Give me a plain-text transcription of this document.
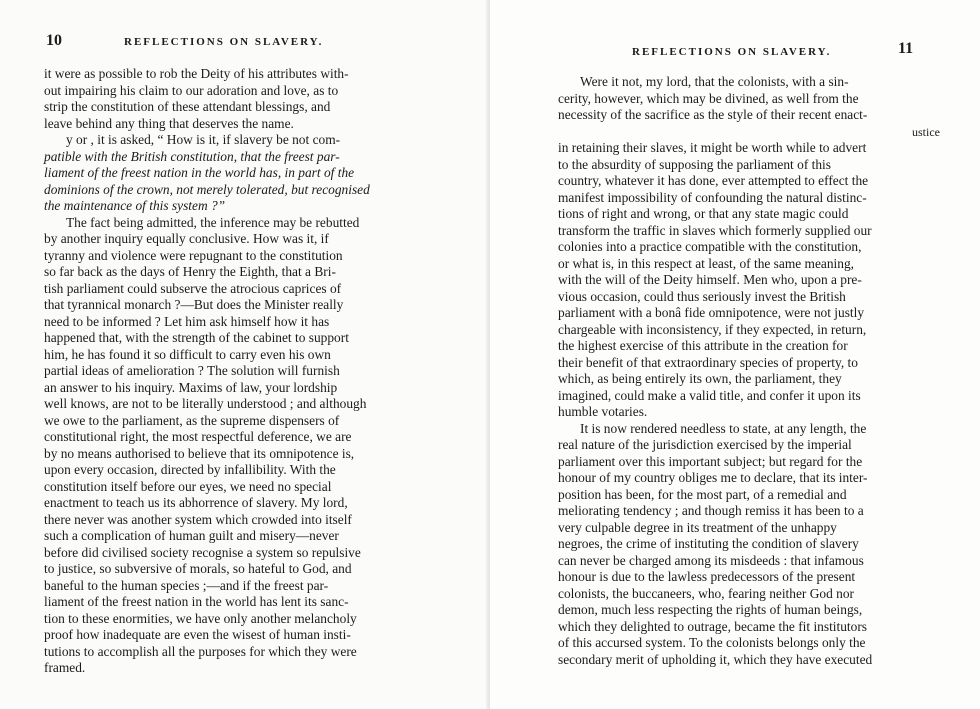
10	REFLECTIONS ON SLAVERY.
it were as possible to rob the Deity of his attributes with-
out impairing his claim to our adoration and love, as to
strip the constitution of these attendant blessings, and
leave behind any thing that deserves the name.
y or , it is asked, “ How is it, if slavery be not com-
patible with the British constitution, that the freest par-
liament of the freest nation in the world has, in part of the
dominions of the crown, not merely tolerated, but recognised
the maintenance of this system ?”
The fact being admitted, the inference may be rebutted
by another inquiry equally conclusive. How was it, if
tyranny and violence were repugnant to the constitution
so far back as the days of Henry the Eighth, that a Bri-
tish parliament could subserve the atrocious caprices of
that tyrannical monarch ?—But does the Minister really
need to be informed ? Let him ask himself how it has
happened that, with the strength of the cabinet to support
him, he has found it so difficult to carry even his own
partial ideas of amelioration ? The solution will furnish
an answer to his inquiry. Maxims of law, your lordship
well knows, are not to be literally understood ; and although
we owe to the parliament, as the supreme dispensers of
constitutional right, the most respectful deference, we are
by no means authorised to believe that its omnipotence is,
upon every occasion, directed by infallibility. With the
constitution itself before our eyes, we need no special
enactment to teach us its abhorrence of slavery. My lord,
there never was another system which crowded into itself
such a complication of human guilt and misery—never
before did civilised society recognise a system so repulsive
to justice, so subversive of morals, so hateful to God, and
baneful to the human species ;—and if the freest par-
liament of the freest nation in the world has lent its sanc-
tion to these enormities, we have only another melancholy
proof how inadequate are even the wisest of human insti-
tutions to accomplish all the purposes for which they were
framed.
REFLECTIONS ON SLAVERY.	11
Were it not, my lord, that the colonists, with a sin-
cerity, however, which may be divined, as well from the
necessity of the sacrifice as the style of their recent enact-
ustice
in retaining their slaves, it might be worth while to advert
to the absurdity of supposing the parliament of this
country, whatever it has done, ever attempted to effect the
manifest impossibility of confounding the natural distinc-
tions of right and wrong, or that any state magic could
transform the traffic in slaves which formerly supplied our
colonies into a practice compatible with the constitution,
or what is, in this respect at least, of the same meaning,
with the will of the Deity himself. Men who, upon a pre-
vious occasion, could thus seriously invest the British
parliament with a bonâ fide omnipotence, were not justly
chargeable with inconsistency, if they expected, in return,
the highest exercise of this attribute in the creation for
their benefit of that extraordinary species of property, to
which, as being entirely its own, the parliament, they
imagined, could make a valid title, and confer it upon its
humble votaries.
It is now rendered needless to state, at any length, the
real nature of the jurisdiction exercised by the imperial
parliament over this important subject; but regard for the
honour of my country obliges me to declare, that its inter-
position has been, for the most part, of a remedial and
meliorating tendency ; and though remiss it has been to a
very culpable degree in its treatment of the unhappy
negroes, the crime of instituting the condition of slavery
can never be charged among its misdeeds : that infamous
honour is due to the lawless predecessors of the present
colonists, the buccaneers, who, fearing neither God nor
demon, much less respecting the rights of human beings,
which they delighted to outrage, became the fit institutors
of this accursed system. To the colonists belongs only the
secondary merit of upholding it, which they have executed
